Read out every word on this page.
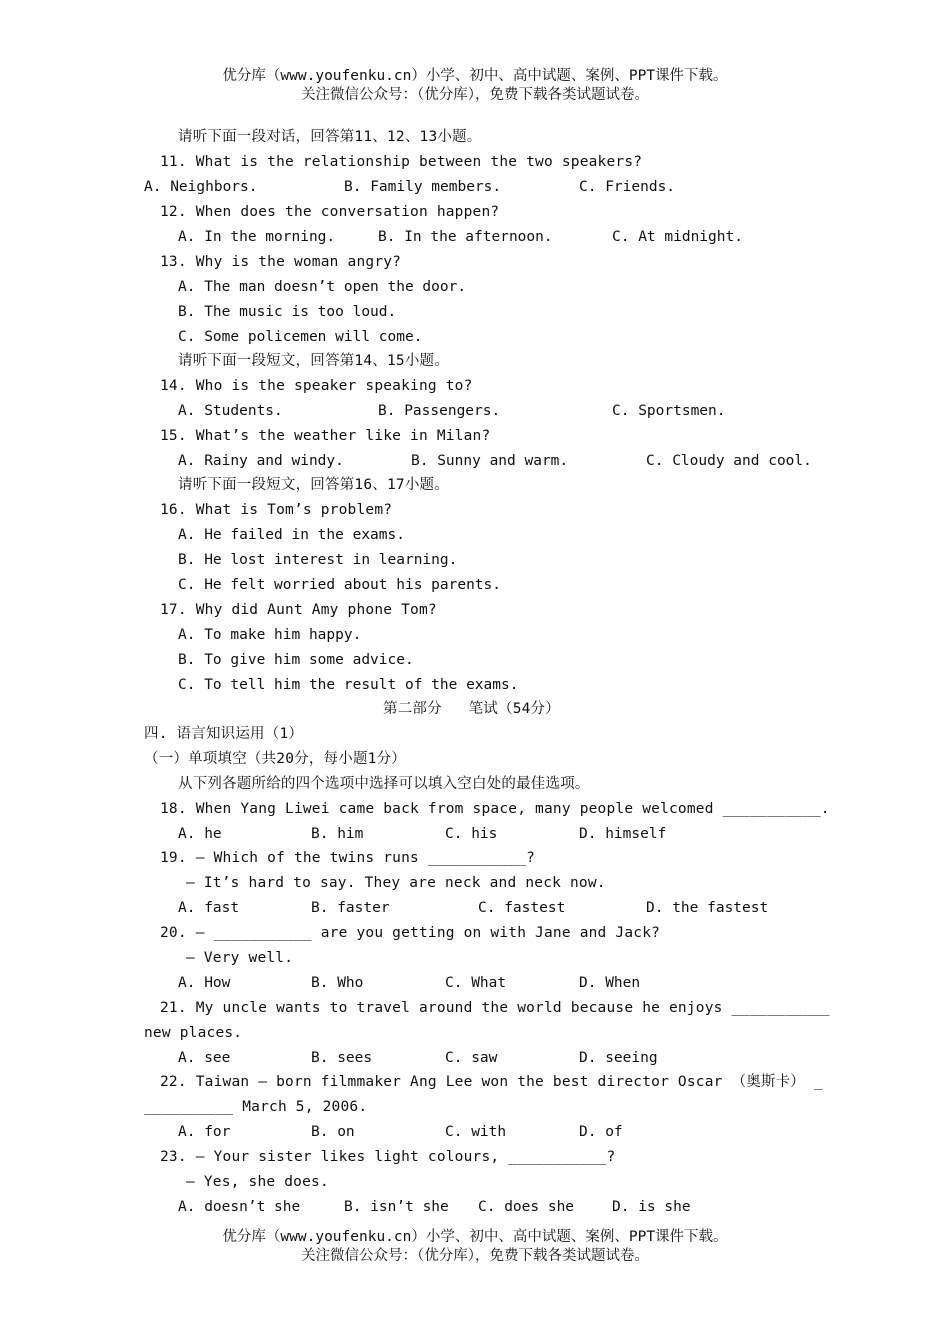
优分库（www.youfenku.cn）小学、初中、高中试题、案例、PPT课件下载。
关注微信公众号：（优分库），免费下载各类试题试卷。
请听下面一段对话，回答第11、12、13小题。
11. What is the relationship between the two speakers?
A. Neighbors.	B. Family members.	C. Friends.
12. When does the conversation happen?
A. In the morning.	B. In the afternoon.	C. At midnight.
13. Why is the woman angry?
A. The man doesn’t open the door.
B. The music is too loud.
C. Some policemen will come.
请听下面一段短文，回答第14、15小题。
14. Who is the speaker speaking to?
A. Students.	B. Passengers.	C. Sportsmen.
15. What’s the weather like in Milan?
A. Rainy and windy.	B. Sunny and warm.	C. Cloudy and cool.
请听下面一段短文，回答第16、17小题。
16. What is Tom’s problem?
A. He failed in the exams.
B. He lost interest in learning.
C. He felt worried about his parents.
17. Why did Aunt Amy phone Tom?
A. To make him happy.
B. To give him some advice.
C. To tell him the result of the exams.
第二部分   笔试（54分）
四. 语言知识运用（1）
（一）单项填空（共20分，每小题1分）
从下列各题所给的四个选项中选择可以填入空白处的最佳选项。
18. When Yang Liwei came back from space, many people welcomed ___________.
A. he	B. him	C. his	D. himself
19. — Which of the twins runs ___________?
— It’s hard to say. They are neck and neck now.
A. fast	B. faster	C. fastest	D. the fastest
20. — ___________ are you getting on with Jane and Jack?
— Very well.
A. How	B. Who	C. What	D. When
21. My uncle wants to travel around the world because he enjoys ___________
new places.
A. see	B. sees	C. saw	D. seeing
22. Taiwan — born filmmaker Ang Lee won the best director Oscar （奥斯卡） _
__________ March 5, 2006.
A. for	B. on	C. with	D. of
23. — Your sister likes light colours, ___________?
— Yes, she does.
A. doesn’t she	B. isn’t she C. does she	D. is she
优分库（www.youfenku.cn）小学、初中、高中试题、案例、PPT课件下载。
关注微信公众号：（优分库），免费下载各类试题试卷。
